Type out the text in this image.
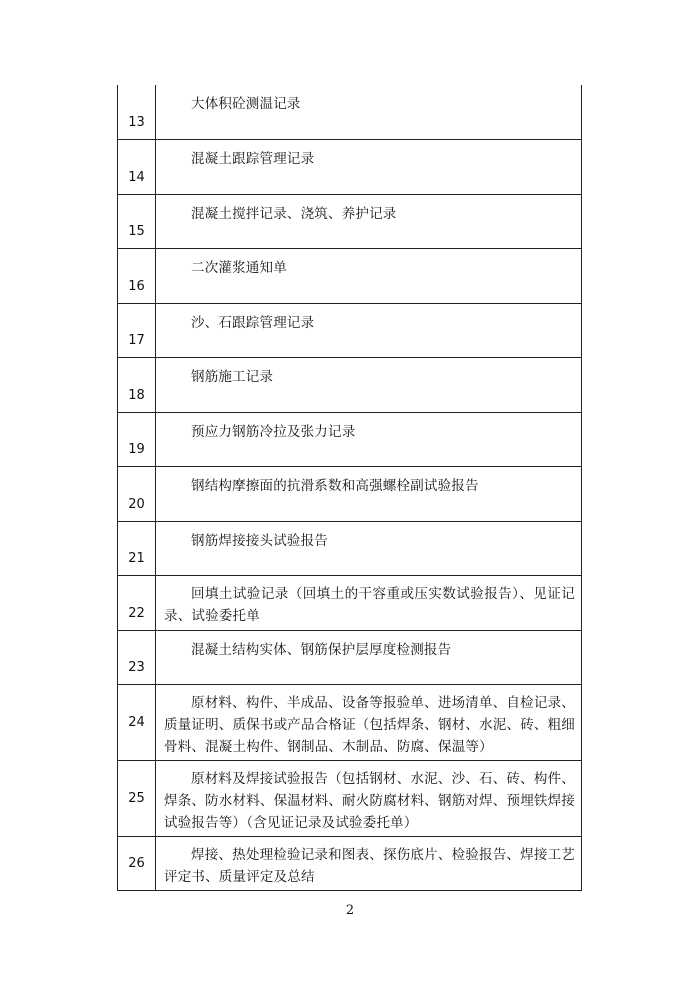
13	大体积砼测温记录
14	混凝土跟踪管理记录
15	混凝土搅拌记录、浇筑、养护记录
16	二次灌浆通知单
17	沙、石跟踪管理记录
18	钢筋施工记录
19	预应力钢筋冷拉及张力记录
20	钢结构摩擦面的抗滑系数和高强螺栓副试验报告
21	钢筋焊接接头试验报告
22	回填土试验记录（回填土的干容重或压实数试验报告）、见证记录、试验委托单
23	混凝土结构实体、钢筋保护层厚度检测报告
24	原材料、构件、半成品、设备等报验单、进场清单、自检记录、质量证明、质保书或产品合格证（包括焊条、钢材、水泥、砖、粗细骨料、混凝土构件、钢制品、木制品、防腐、保温等）
25	原材料及焊接试验报告（包括钢材、水泥、沙、石、砖、构件、焊条、防水材料、保温材料、耐火防腐材料、钢筋对焊、预埋铁焊接试验报告等）（含见证记录及试验委托单）
26	焊接、热处理检验记录和图表、探伤底片、检验报告、焊接工艺评定书、质量评定及总结
2
